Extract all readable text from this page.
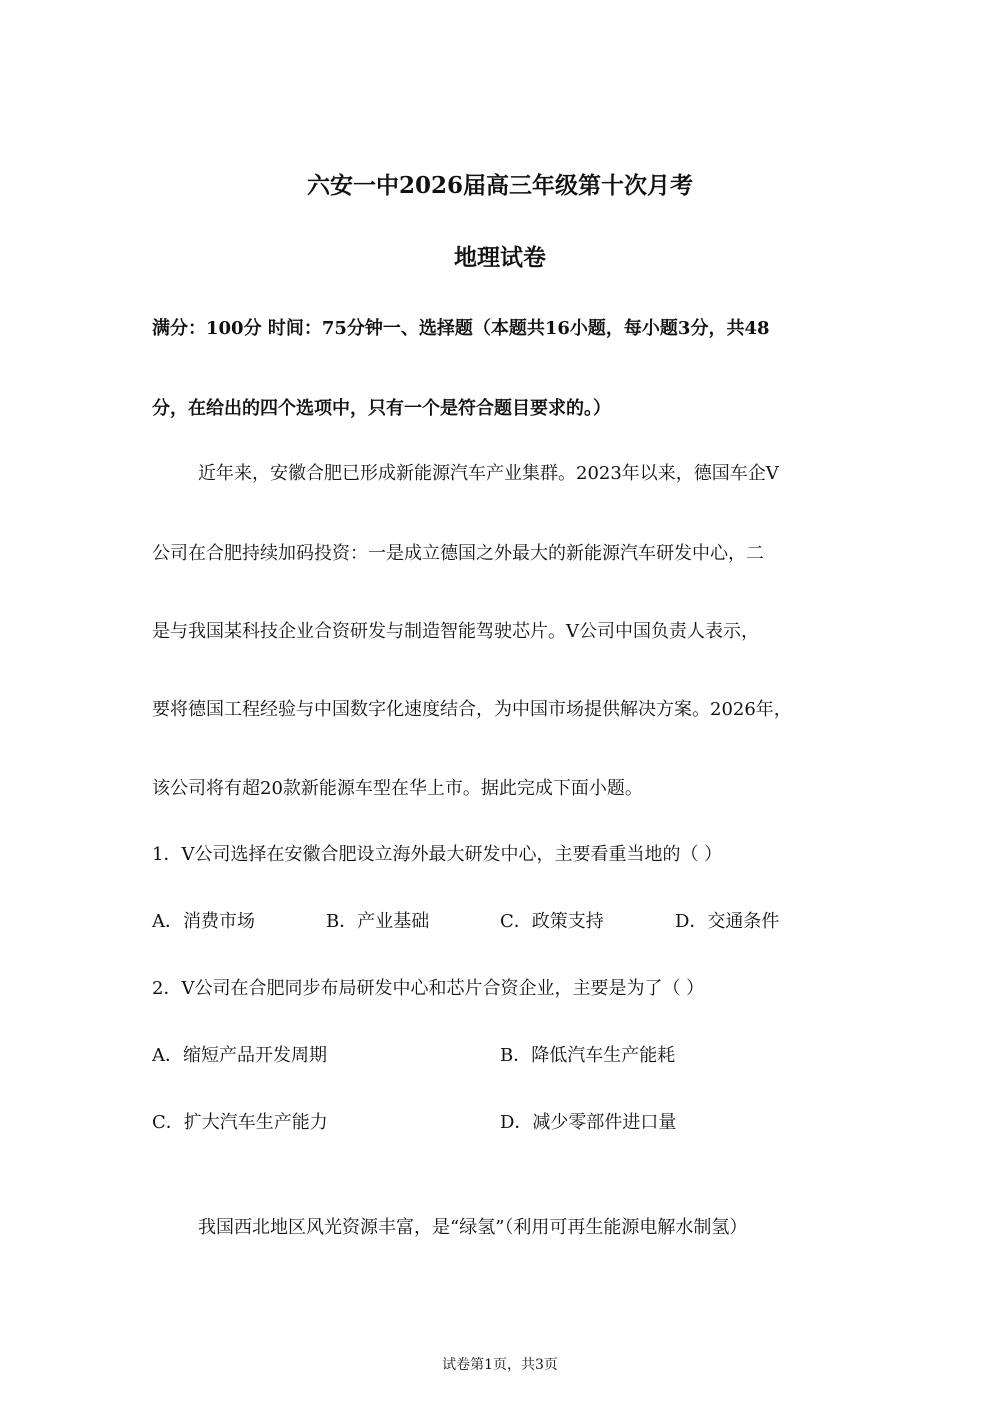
六安一中2026届高三年级第十次月考
地理试卷
满分：100分 时间：75分钟一、选择题（本题共16小题，每小题3分，共48
分，在给出的四个选项中，只有一个是符合题目要求的。）
近年来，安徽合肥已形成新能源汽车产业集群。2023年以来，德国车企V
公司在合肥持续加码投资：一是成立德国之外最大的新能源汽车研发中心，二
是与我国某科技企业合资研发与制造智能驾驶芯片。V公司中国负责人表示，
要将德国工程经验与中国数字化速度结合，为中国市场提供解决方案。2026年，
该公司将有超20款新能源车型在华上市。据此完成下面小题。
1．V公司选择在安徽合肥设立海外最大研发中心，主要看重当地的（ ）
A．消费市场	B．产业基础	C．政策支持	D．交通条件
2．V公司在合肥同步布局研发中心和芯片合资企业，主要是为了（ ）
A．缩短产品开发周期	B．降低汽车生产能耗
C．扩大汽车生产能力	D．减少零部件进口量
我国西北地区风光资源丰富，是“绿氢”（利用可再生能源电解水制氢）
试卷第1页，共3页
